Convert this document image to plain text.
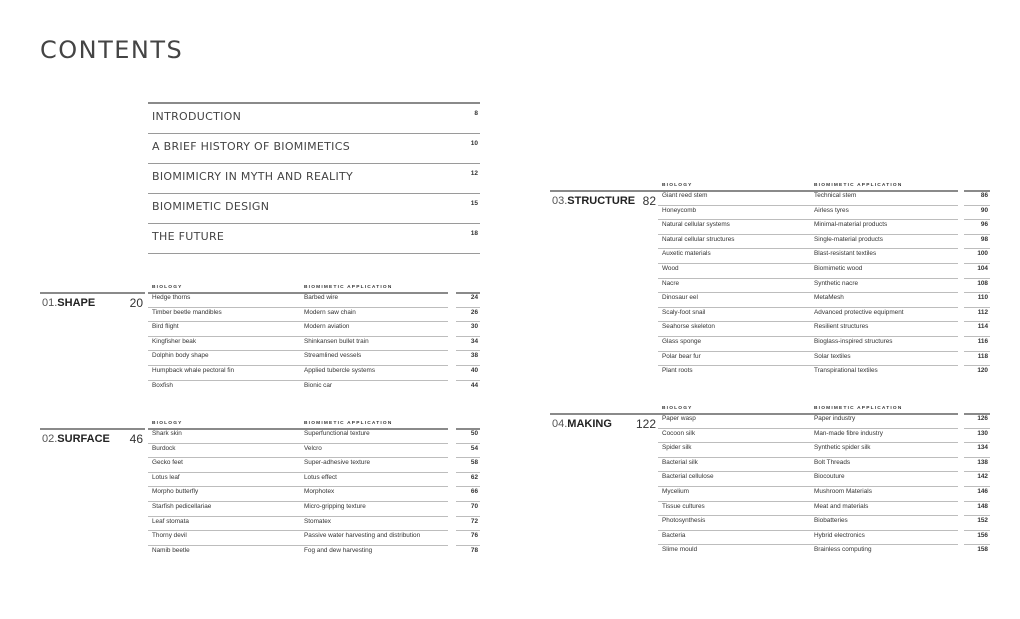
CONTENTS
INTRODUCTION	8
A BRIEF HISTORY OF BIOMIMETICS	10
BIOMIMICRY IN MYTH AND REALITY	12
BIOMIMETIC DESIGN	15
THE FUTURE	18
01.SHAPE	20
BIOLOGY	BIOMIMETIC APPLICATION
Hedge thorns	Barbed wire	24
Timber beetle mandibles	Modern saw chain	26
Bird flight	Modern aviation	30
Kingfisher beak	Shinkansen bullet train	34
Dolphin body shape	Streamlined vessels	38
Humpback whale pectoral fin	Applied tubercle systems	40
Boxfish	Bionic car	44
02.SURFACE 46
BIOLOGY	BIOMIMETIC APPLICATION
Shark skin	Superfunctional texture	50
Burdock	Velcro	54
Gecko feet	Super-adhesive texture	58
Lotus leaf	Lotus effect	62
Morpho butterfly	Morphotex	66
Starfish pedicellariae	Micro-gripping texture	70
Leaf stomata	Stomatex	72
Thorny devil	Passive water harvesting and distribution	76
Namib beetle	Fog and dew harvesting	78
03.STRUCTURE 82
BIOLOGY	BIOMIMETIC APPLICATION
Giant reed stem	Technical stem	86
Honeycomb	Airless tyres	90
Natural cellular systems	Minimal-material products	96
Natural cellular structures	Single-material products	98
Auxetic materials	Blast-resistant textiles	100
Wood	Biomimetic wood	104
Nacre	Synthetic nacre	108
Dinosaur eel	MetaMesh	110
Scaly-foot snail	Advanced protective equipment	112
Seahorse skeleton	Resilient structures	114
Glass sponge	Bioglass-inspired structures	116
Polar bear fur	Solar textiles	118
Plant roots	Transpirational textiles	120
04.MAKING 122
BIOLOGY	BIOMIMETIC APPLICATION
Paper wasp	Paper industry	126
Cocoon silk	Man-made fibre industry	130
Spider silk	Synthetic spider silk	134
Bacterial silk	Bolt Threads	138
Bacterial cellulose	Biocouture	142
Mycelium	Mushroom Materials	146
Tissue cultures	Meat and materials	148
Photosynthesis	Biobatteries	152
Bacteria	Hybrid electronics	156
Slime mould	Brainless computing	158
